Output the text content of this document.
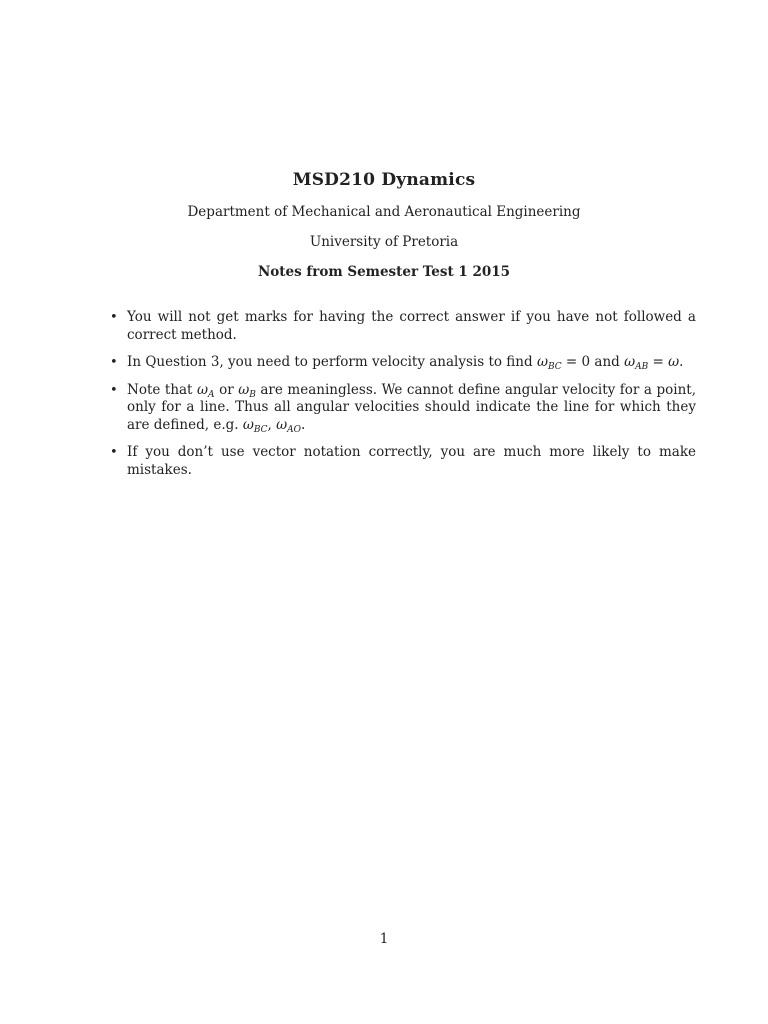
MSD210 Dynamics
Department of Mechanical and Aeronautical Engineering
University of Pretoria
Notes from Semester Test 1 2015
• You will not get marks for having the correct answer if you have not followed a correct method.
• In Question 3, you need to perform velocity analysis to find $\omega_{BC} = 0$ and $\omega_{AB} = \omega$.
• Note that $\omega_A$ or $\omega_B$ are meaningless. We cannot define angular velocity for a point, only for a line. Thus all angular velocities should indicate the line for which they are defined, e.g. $\omega_{BC}$, $\omega_{AO}$.
• If you don’t use vector notation correctly, you are much more likely to make mistakes.
1
